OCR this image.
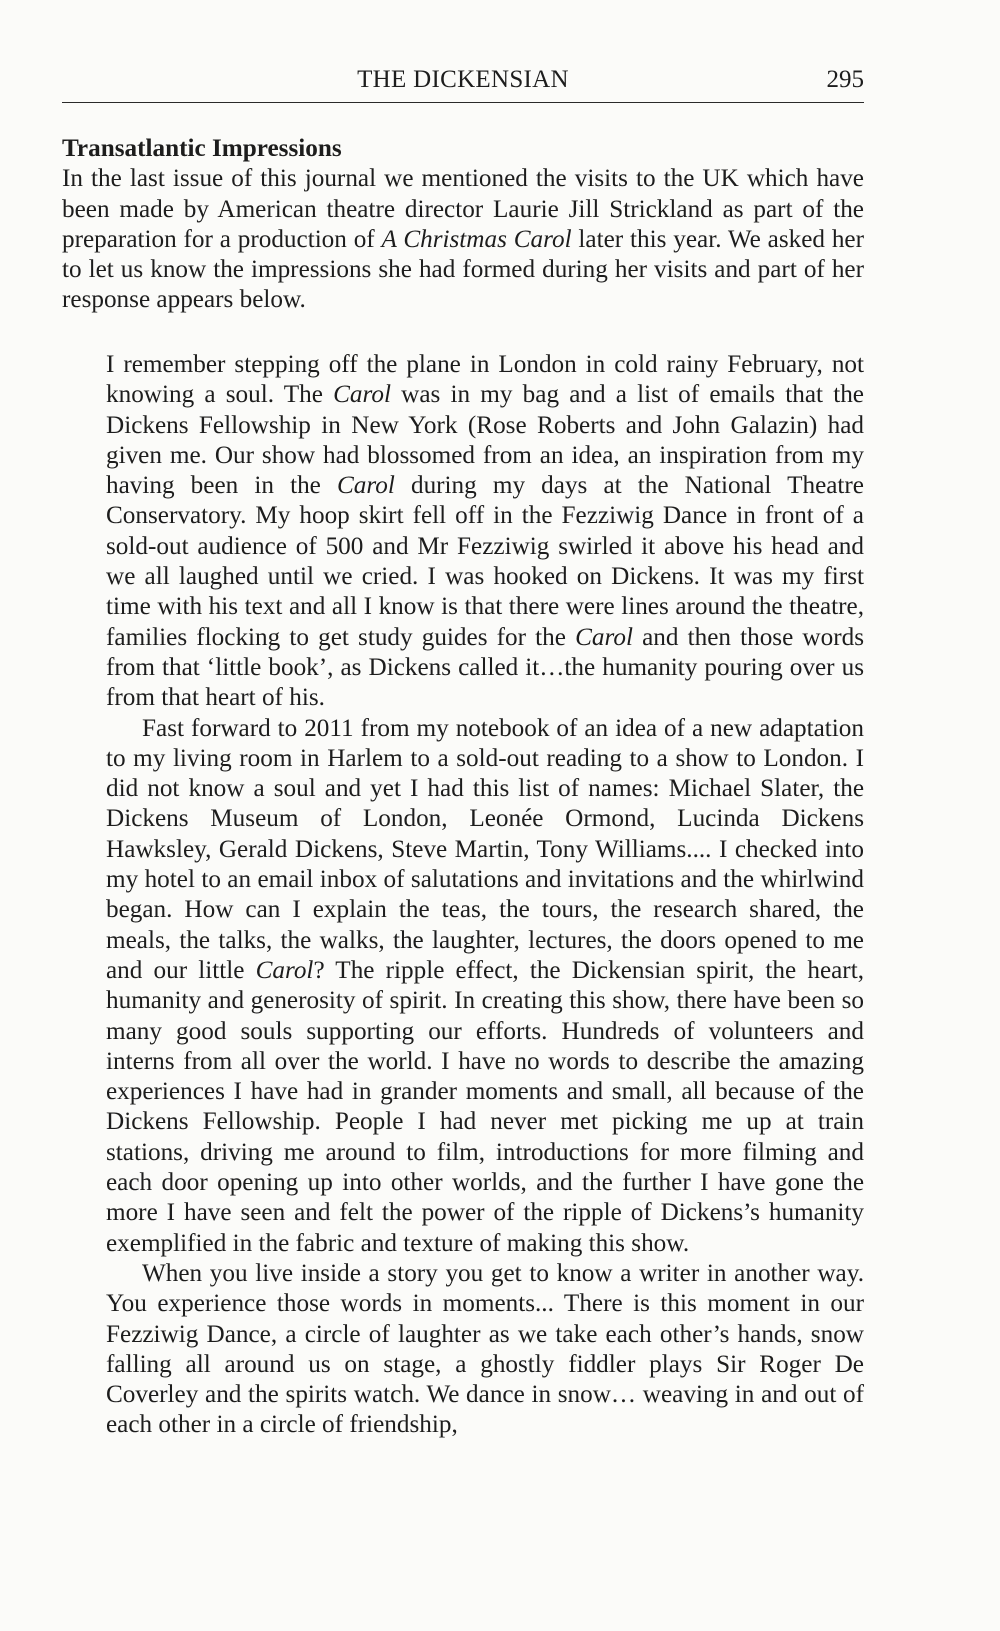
THE DICKENSIAN	295
Transatlantic Impressions
In the last issue of this journal we mentioned the visits to the UK which have been made by American theatre director Laurie Jill Strickland as part of the preparation for a production of A Christmas Carol later this year. We asked her to let us know the impressions she had formed during her visits and part of her response appears below.

I remember stepping off the plane in London in cold rainy February, not knowing a soul. The Carol was in my bag and a list of emails that the Dickens Fellowship in New York (Rose Roberts and John Galazin) had given me. Our show had blossomed from an idea, an inspiration from my having been in the Carol during my days at the National Theatre Conservatory. My hoop skirt fell off in the Fezziwig Dance in front of a sold-out audience of 500 and Mr Fezziwig swirled it above his head and we all laughed until we cried. I was hooked on Dickens. It was my first time with his text and all I know is that there were lines around the theatre, families flocking to get study guides for the Carol and then those words from that ‘little book’, as Dickens called it…the humanity pouring over us from that heart of his.

Fast forward to 2011 from my notebook of an idea of a new adaptation to my living room in Harlem to a sold-out reading to a show to London. I did not know a soul and yet I had this list of names: Michael Slater, the Dickens Museum of London, Leonée Ormond, Lucinda Dickens Hawksley, Gerald Dickens, Steve Martin, Tony Williams.... I checked into my hotel to an email inbox of salutations and invitations and the whirlwind began. How can I explain the teas, the tours, the research shared, the meals, the talks, the walks, the laughter, lectures, the doors opened to me and our little Carol? The ripple effect, the Dickensian spirit, the heart, humanity and generosity of spirit. In creating this show, there have been so many good souls supporting our efforts. Hundreds of volunteers and interns from all over the world. I have no words to describe the amazing experiences I have had in grander moments and small, all because of the Dickens Fellowship. People I had never met picking me up at train stations, driving me around to film, introductions for more filming and each door opening up into other worlds, and the further I have gone the more I have seen and felt the power of the ripple of Dickens’s humanity exemplified in the fabric and texture of making this show.

When you live inside a story you get to know a writer in another way. You experience those words in moments... There is this moment in our Fezziwig Dance, a circle of laughter as we take each other’s hands, snow falling all around us on stage, a ghostly fiddler plays Sir Roger De Coverley and the spirits watch. We dance in snow… weaving in and out of each other in a circle of friendship,
